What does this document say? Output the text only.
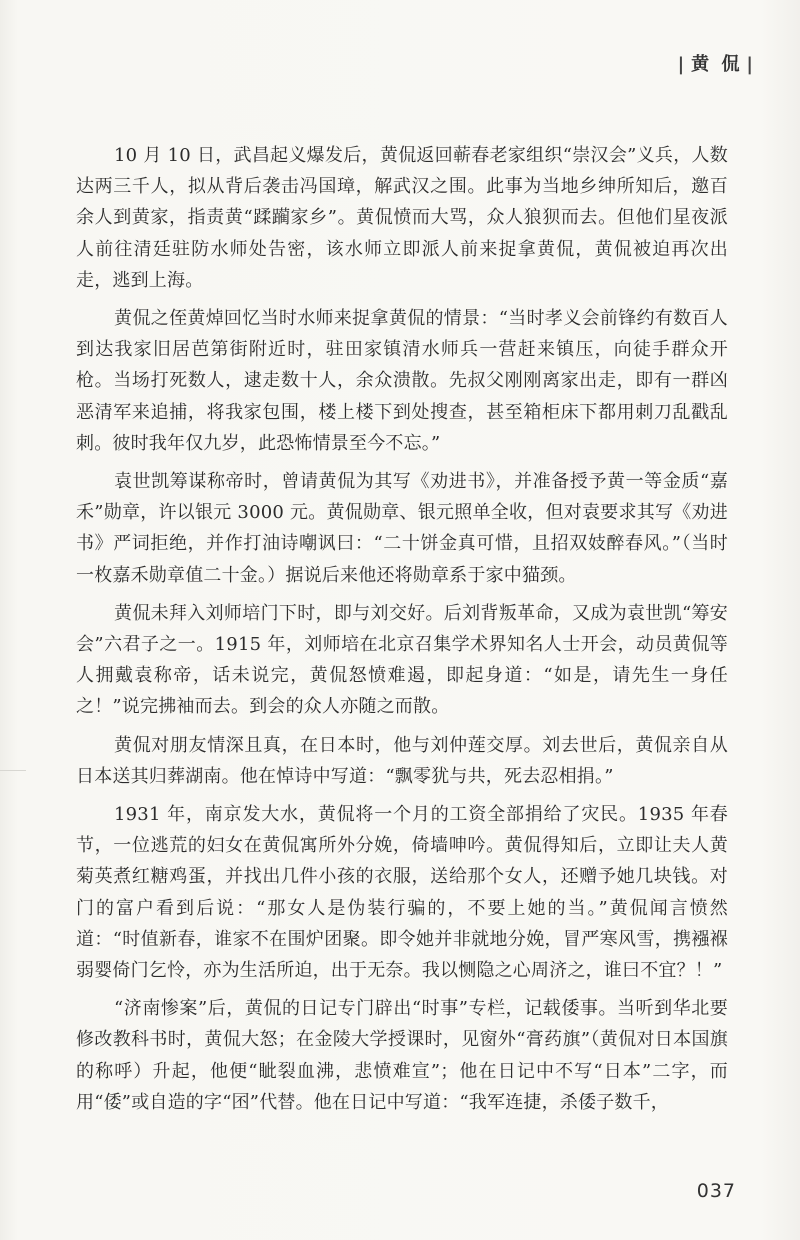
| 黄 侃 |

10 月 10 日，武昌起义爆发后，黄侃返回蕲春老家组织“崇汉会”义兵，人数达两三千人，拟从背后袭击冯国璋，解武汉之围。此事为当地乡绅所知后，邀百余人到黄家，指责黄“蹂躏家乡”。黄侃愤而大骂，众人狼狈而去。但他们星夜派人前往清廷驻防水师处告密，该水师立即派人前来捉拿黄侃，黄侃被迫再次出走，逃到上海。

黄侃之侄黄焯回忆当时水师来捉拿黄侃的情景：“当时孝义会前锋约有数百人到达我家旧居芭第街附近时，驻田家镇清水师兵一营赶来镇压，向徒手群众开枪。当场打死数人，逮走数十人，余众溃散。先叔父刚刚离家出走，即有一群凶恶清军来追捕，将我家包围，楼上楼下到处搜查，甚至箱柜床下都用刺刀乱戳乱刺。彼时我年仅九岁，此恐怖情景至今不忘。”

袁世凯筹谋称帝时，曾请黄侃为其写《劝进书》，并准备授予黄一等金质“嘉禾”勋章，许以银元 3000 元。黄侃勋章、银元照单全收，但对袁要求其写《劝进书》严词拒绝，并作打油诗嘲讽曰：“二十饼金真可惜，且招双妓醉春风。”（当时一枚嘉禾勋章值二十金。）据说后来他还将勋章系于家中猫颈。

黄侃未拜入刘师培门下时，即与刘交好。后刘背叛革命，又成为袁世凯“筹安会”六君子之一。1915 年，刘师培在北京召集学术界知名人士开会，动员黄侃等人拥戴袁称帝，话未说完，黄侃怒愤难遏，即起身道：“如是，请先生一身任之！”说完拂袖而去。到会的众人亦随之而散。

黄侃对朋友情深且真，在日本时，他与刘仲莲交厚。刘去世后，黄侃亲自从日本送其归葬湖南。他在悼诗中写道：“飘零犹与共，死去忍相捐。”

1931 年，南京发大水，黄侃将一个月的工资全部捐给了灾民。1935 年春节，一位逃荒的妇女在黄侃寓所外分娩，倚墙呻吟。黄侃得知后，立即让夫人黄菊英煮红糖鸡蛋，并找出几件小孩的衣服，送给那个女人，还赠予她几块钱。对门的富户看到后说：“那女人是伪装行骗的，不要上她的当。”黄侃闻言愤然道：“时值新春，谁家不在围炉团聚。即令她并非就地分娩，冒严寒风雪，携襁褓弱婴倚门乞怜，亦为生活所迫，出于无奈。我以恻隐之心周济之，谁曰不宜？！”

“济南惨案”后，黄侃的日记专门辟出“时事”专栏，记载倭事。当听到华北要修改教科书时，黄侃大怒；在金陵大学授课时，见窗外“膏药旗”（黄侃对日本国旗的称呼）升起，他便“眦裂血沸，悲愤难宣”；他在日记中不写“日本”二字，而用“倭”或自造的字“囨”代替。他在日记中写道：“我军连捷，杀倭子数千，

037
